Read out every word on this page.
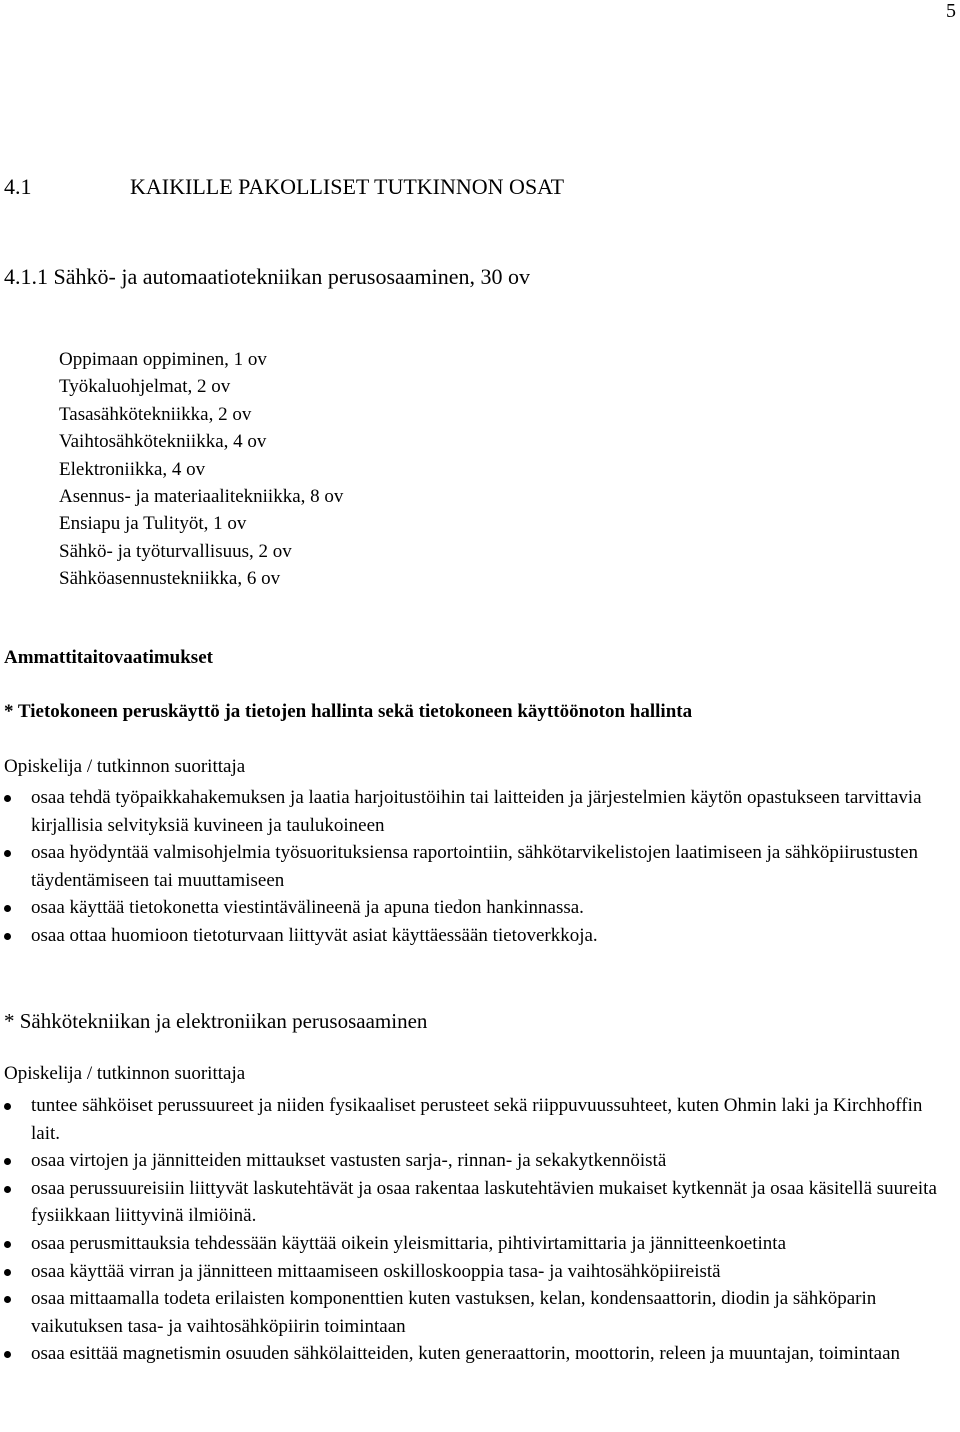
5
4.1	KAIKILLE PAKOLLISET TUTKINNON OSAT
4.1.1 Sähkö- ja automaatiotekniikan perusosaaminen, 30 ov
Oppimaan oppiminen, 1 ov
Työkaluohjelmat, 2 ov
Tasasähkötekniikka, 2 ov
Vaihtosähkötekniikka, 4 ov
Elektroniikka, 4 ov
Asennus- ja materiaalitekniikka, 8 ov
Ensiapu ja Tulityöt, 1 ov
Sähkö- ja työturvallisuus, 2 ov
Sähköasennustekniikka, 6 ov
Ammattitaitovaatimukset
* Tietokoneen peruskäyttö ja tietojen hallinta sekä tietokoneen käyttöönoton hallinta
Opiskelija / tutkinnon suorittaja
osaa tehdä työpaikkahakemuksen ja laatia harjoitustöihin tai laitteiden ja järjestelmien käytön opastukseen tarvittavia kirjallisia selvityksiä kuvineen ja taulukoineen
osaa hyödyntää valmisohjelmia työsuorituksiensa raportointiin, sähkötarvikelistojen laatimiseen ja sähköpiirustusten täydentämiseen tai muuttamiseen
osaa käyttää tietokonetta viestintävälineenä ja apuna tiedon hankinnassa.
osaa ottaa huomioon tietoturvaan liittyvät asiat käyttäessään tietoverkkoja.
* Sähkötekniikan ja elektroniikan perusosaaminen
Opiskelija / tutkinnon suorittaja
tuntee sähköiset perussuureet ja niiden fysikaaliset perusteet sekä riippuvuussuhteet, kuten Ohmin laki ja Kirchhoffin lait.
osaa virtojen ja jännitteiden mittaukset vastusten sarja-, rinnan- ja sekakytkennöistä
osaa perussuureisiin liittyvät laskutehtävät ja osaa rakentaa laskutehtävien mukaiset kytkennät ja osaa käsitellä suureita fysiikkaan liittyvinä ilmiöinä.
osaa perusmittauksia tehdessään käyttää oikein yleismittaria, pihtivirtamittaria ja jännitteenkoetinta
osaa käyttää virran ja jännitteen mittaamiseen oskilloskooppia tasa- ja vaihtosähköpiireistä
osaa mittaamalla todeta erilaisten komponenttien kuten vastuksen, kelan, kondensaattorin, diodin ja sähköparin vaikutuksen tasa- ja vaihtosähköpiirin toimintaan
osaa esittää magnetismin osuuden sähkölaitteiden, kuten generaattorin, moottorin, releen ja muuntajan, toimintaan
